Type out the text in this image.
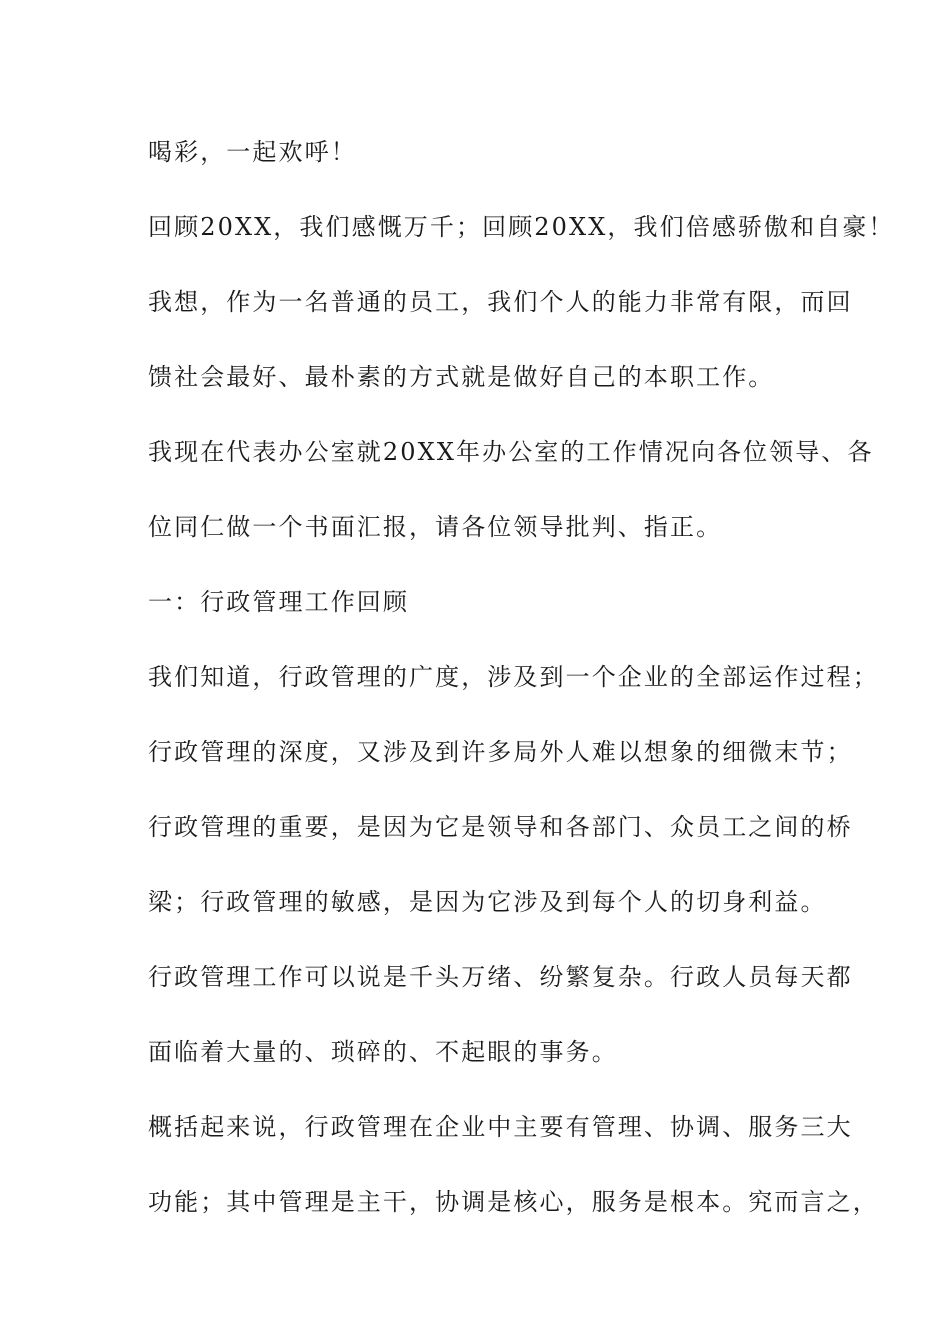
喝彩，一起欢呼！
回顾20XX，我们感慨万千；回顾20XX，我们倍感骄傲和自豪！
我想，作为一名普通的员工，我们个人的能力非常有限，而回
馈社会最好、最朴素的方式就是做好自己的本职工作。
我现在代表办公室就20XX年办公室的工作情况向各位领导、各
位同仁做一个书面汇报，请各位领导批判、指正。
一：行政管理工作回顾
我们知道，行政管理的广度，涉及到一个企业的全部运作过程；
行政管理的深度，又涉及到许多局外人难以想象的细微末节；
行政管理的重要，是因为它是领导和各部门、众员工之间的桥
梁；行政管理的敏感，是因为它涉及到每个人的切身利益。
行政管理工作可以说是千头万绪、纷繁复杂。行政人员每天都
面临着大量的、琐碎的、不起眼的事务。
概括起来说，行政管理在企业中主要有管理、协调、服务三大
功能；其中管理是主干，协调是核心，服务是根本。究而言之，
